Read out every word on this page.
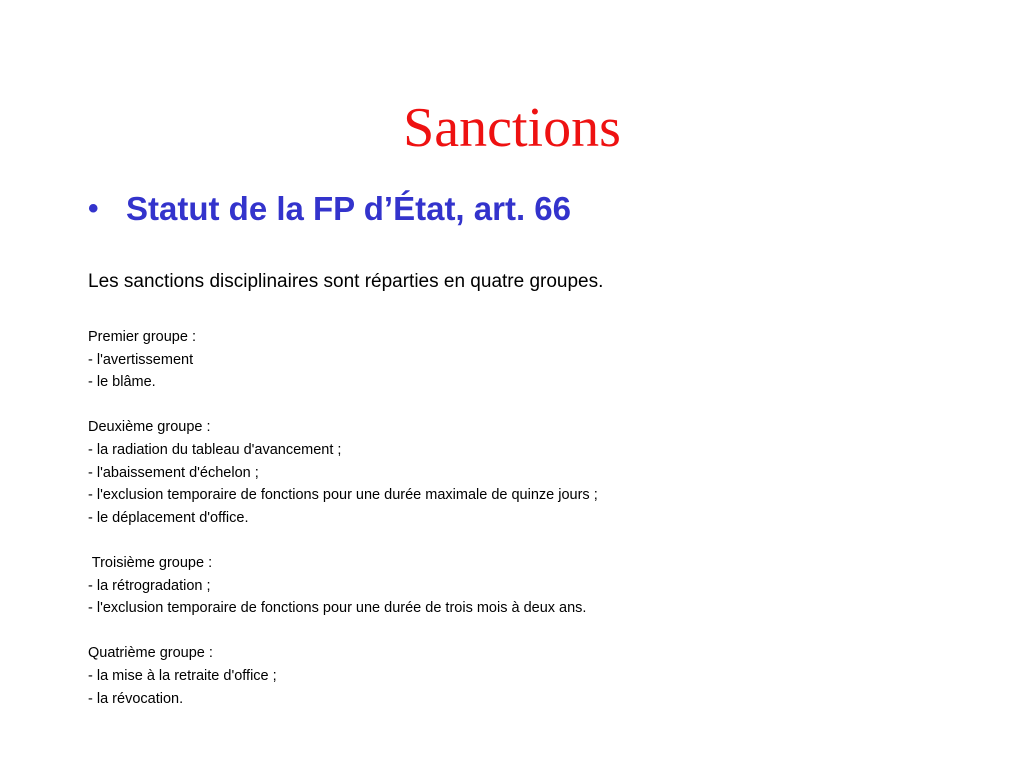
Sanctions
• Statut de la FP d’État, art. 66
Les sanctions disciplinaires sont réparties en quatre groupes.
Premier groupe :
- l'avertissement
- le blâme.
Deuxième groupe :
- la radiation du tableau d'avancement ;
- l'abaissement d'échelon ;
- l'exclusion temporaire de fonctions pour une durée maximale de quinze jours ;
- le déplacement d'office.
Troisième groupe :
- la rétrogradation ;
- l'exclusion temporaire de fonctions pour une durée de trois mois à deux ans.
Quatrième groupe :
- la mise à la retraite d'office ;
- la révocation.
